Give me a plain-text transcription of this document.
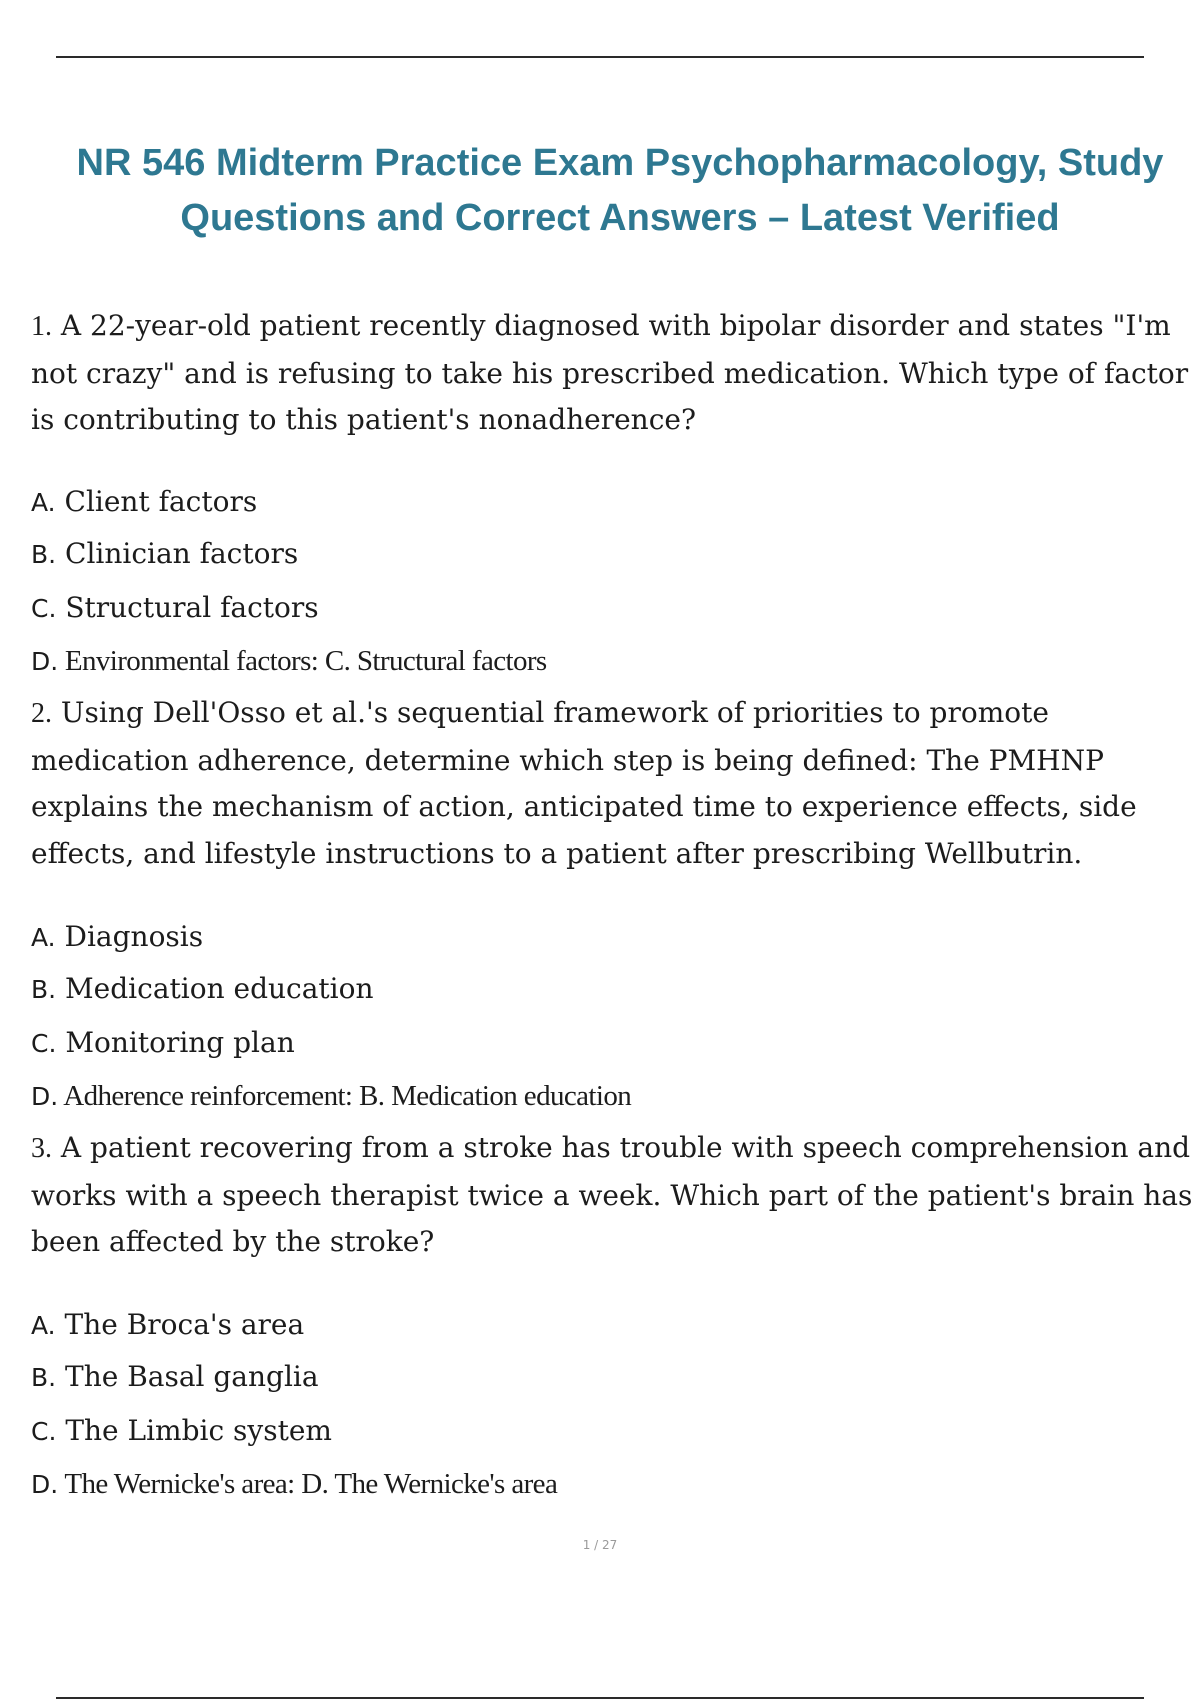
NR 546 Midterm Practice Exam Psychopharmacology, Study
Questions and Correct Answers – Latest Verified

1. A 22-year-old patient recently diagnosed with bipolar disorder and states "I'm not crazy" and is refusing to take his prescribed medication. Which type of factor is contributing to this patient's nonadherence?

A. Client factors

B. Clinician factors

C. Structural factors

D. Environmental factors: C. Structural factors

2. Using Dell'Osso et al.'s sequential framework of priorities to promote medication adherence, determine which step is being defined: The PMHNP explains the mechanism of action, anticipated time to experience effects, side effects, and lifestyle instructions to a patient after prescribing Wellbutrin.

A. Diagnosis

B. Medication education

C. Monitoring plan

D. Adherence reinforcement: B. Medication education

3. A patient recovering from a stroke has trouble with speech comprehension and works with a speech therapist twice a week. Which part of the patient's brain has been affected by the stroke?

A. The Broca's area

B. The Basal ganglia

C. The Limbic system

D. The Wernicke's area: D. The Wernicke's area

1 / 27
